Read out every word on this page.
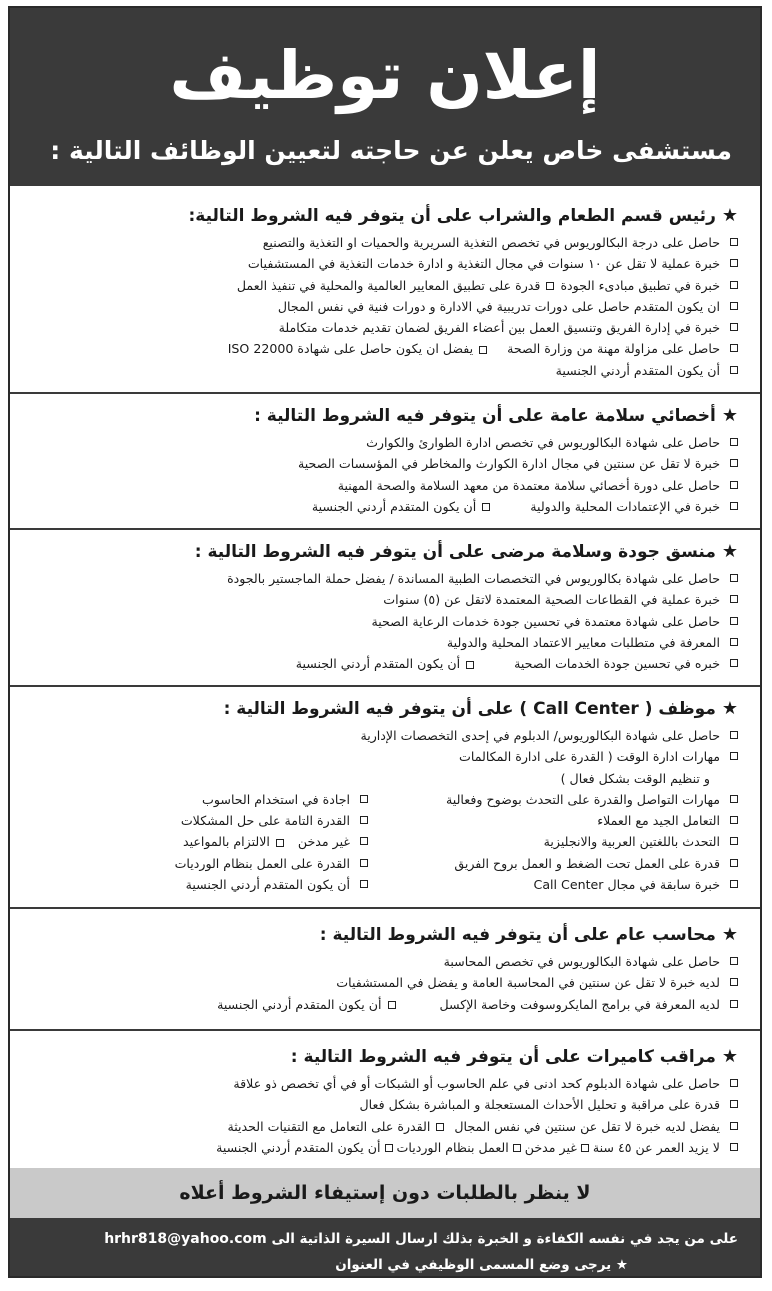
إعلان توظيف
مستشفى خاص يعلن عن حاجته لتعيين الوظائف التالية :
★رئيس قسم الطعام والشراب على أن يتوفر فيه الشروط التالية:
حاصل على درجة البكالوريوس في تخصص التغذية السريرية والحميات او التغذية والتصنيع
خبرة عملية لا تقل عن ١٠ سنوات في مجال التغذية و ادارة خدمات التغذية في المستشفيات
خبرة في تطبيق مبادىء الجودةقدرة على تطبيق المعايير العالمية والمحلية في تنفيذ العمل
ان يكون المتقدم حاصل على دورات تدريبية في الادارة و دورات فنية في نفس المجال
خبرة في إدارة الفريق وتنسيق العمل بين أعضاء الفريق لضمان تقديم خدمات متكاملة
حاصل على مزاولة مهنة من وزارة الصحةيفضل ان يكون حاصل على شهادة ISO 22000
أن يكون المتقدم أردني الجنسية
★أخصائي سلامة عامة على أن يتوفر فيه الشروط التالية :
حاصل على شهادة البكالوريوس في تخصص ادارة الطوارئ والكوارث
خبرة لا تقل عن سنتين في مجال ادارة الكوارث والمخاطر في المؤسسات الصحية
حاصل على دورة أخصائي سلامة معتمدة من معهد السلامة والصحة المهنية
خبرة في الإعتمادات المحلية والدوليةأن يكون المتقدم أردني الجنسية
★منسق جودة وسلامة مرضى على أن يتوفر فيه الشروط التالية :
حاصل على شهادة بكالوريوس في التخصصات الطبية المساندة / يفضل حملة الماجستير بالجودة
خبرة عملية في القطاعات الصحية المعتمدة لاتقل عن (٥) سنوات
حاصل على شهادة معتمدة في تحسين جودة خدمات الرعاية الصحية
المعرفة في متطلبات معايير الاعتماد المحلية والدولية
خبره في تحسين جودة الخدمات الصحيةأن يكون المتقدم أردني الجنسية
★موظف ( Call Center ) على أن يتوفر فيه الشروط التالية :
حاصل على شهادة البكالوريوس/ الدبلوم في إحدى التخصصات الإدارية
مهارات ادارة الوقت ( القدرة على ادارة المكالمات
و تنظيم الوقت بشكل فعال )
مهارات التواصل والقدرة على التحدث بوضوح وفعالية
التعامل الجيد مع العملاء
التحدث باللغتين العربية والانجليزية
قدرة على العمل تحت الضغط و العمل بروح الفريق
خبرة سابقة في مجال Call Center
اجادة في استخدام الحاسوب
القدرة التامة على حل المشكلات
غير مدخنالالتزام بالمواعيد
القدرة على العمل بنظام الورديات
أن يكون المتقدم أردني الجنسية
★محاسب عام على أن يتوفر فيه الشروط التالية :
حاصل على شهادة البكالوريوس في تخصص المحاسبة
لديه خبرة لا تقل عن سنتين في المحاسبة العامة و يفضل في المستشفيات
لديه المعرفة في برامج المايكروسوفت وخاصة الإكسلأن يكون المتقدم أردني الجنسية
★مراقب كاميرات على أن يتوفر فيه الشروط التالية :
حاصل على شهادة الدبلوم كحد ادنى في علم الحاسوب أو الشبكات أو في أي تخصص ذو علاقة
قدرة على مراقبة و تحليل الأحداث المستعجلة و المباشرة بشكل فعال
يفضل لديه خبرة لا تقل عن سنتين في نفس المجالالقدرة على التعامل مع التقنيات الحديثة
لا يزيد العمر عن ٤٥ سنةغير مدخنالعمل بنظام الوردياتأن يكون المتقدم أردني الجنسية
لا ينظر بالطلبات دون إستيفاء الشروط أعلاه
على من يجد في نفسه الكفاءة و الخبرة بذلك ارسال السيرة الذاتية الى hrhr818@yahoo.com
★ يرجى وضع المسمى الوظيفي في العنوان
